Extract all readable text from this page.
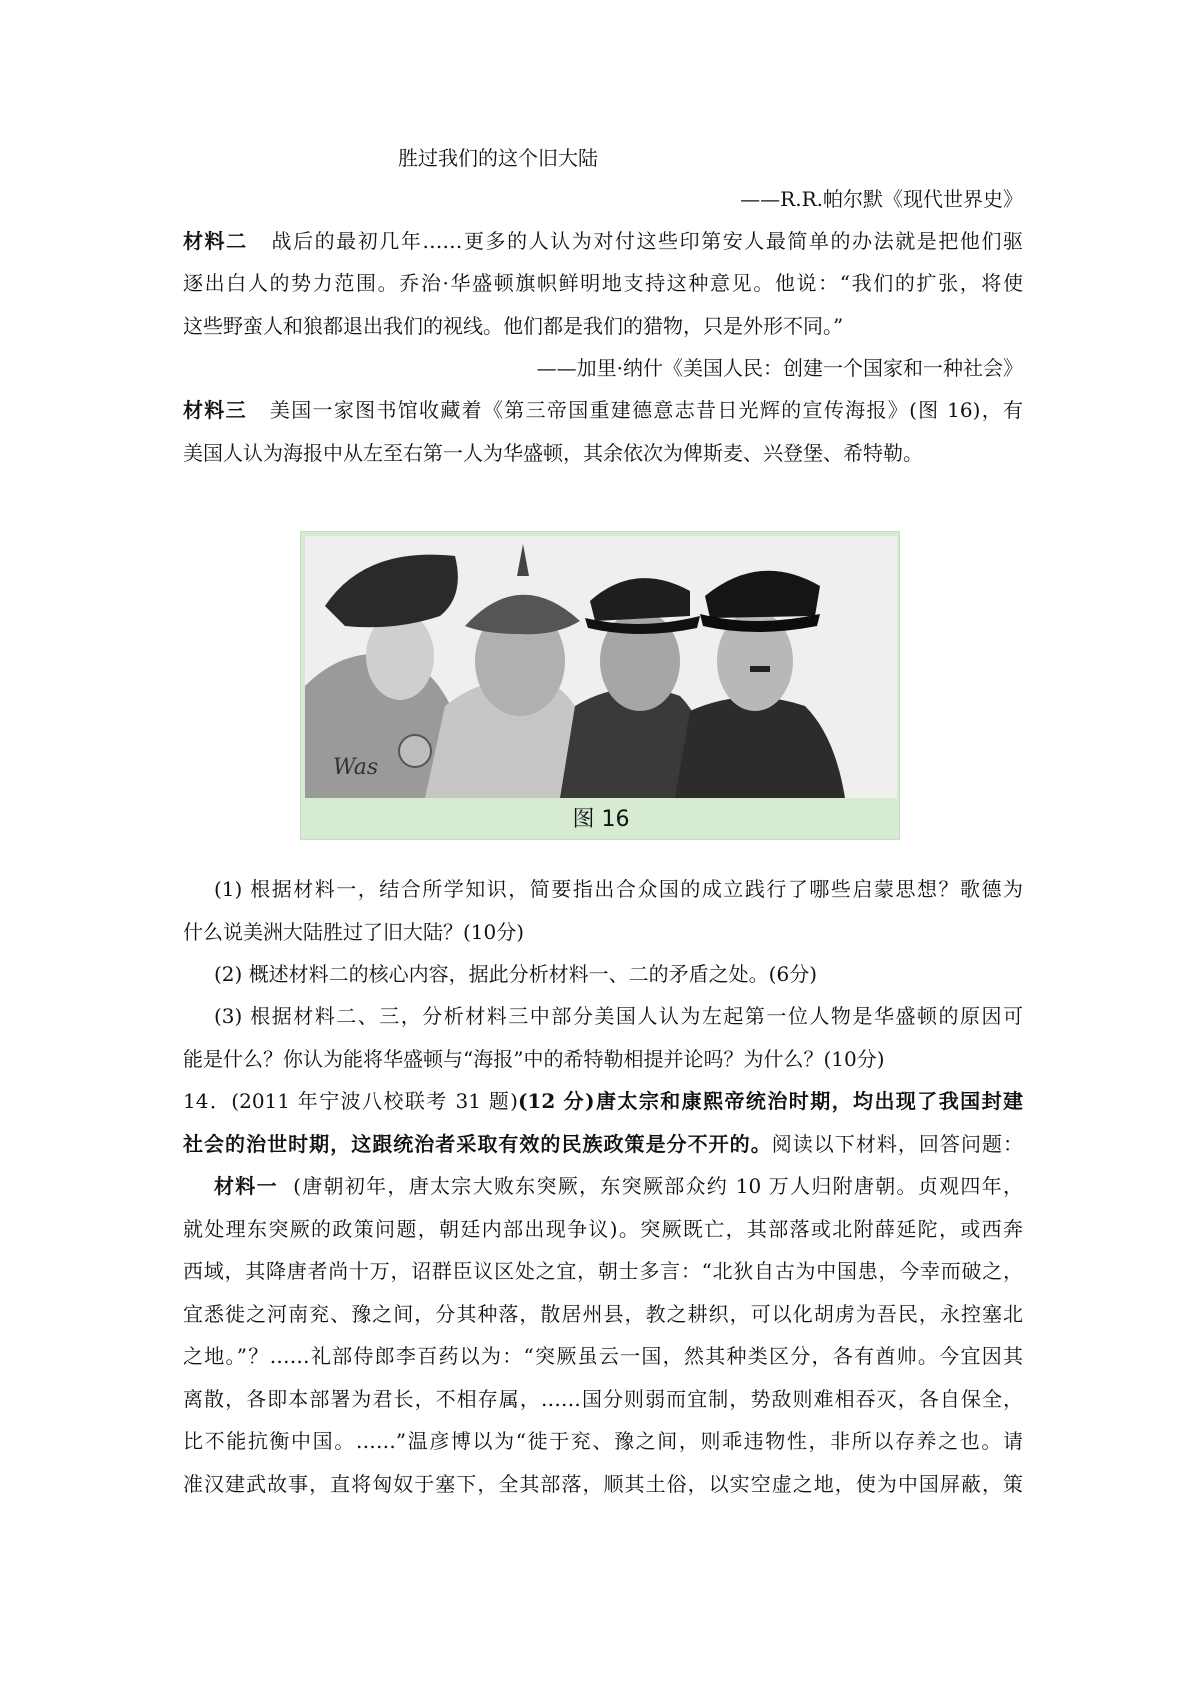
胜过我们的这个旧大陆
——R.R.帕尔默《现代世界史》
材料二 战后的最初几年……更多的人认为对付这些印第安人最简单的办法就是把他们驱
逐出白人的势力范围。乔治·华盛顿旗帜鲜明地支持这种意见。他说：“我们的扩张，将使
这些野蛮人和狼都退出我们的视线。他们都是我们的猎物，只是外形不同。”
——加里·纳什《美国人民：创建一个国家和一种社会》
材料三 美国一家图书馆收藏着《第三帝国重建德意志昔日光辉的宣传海报》(图 16)，有
美国人认为海报中从左至右第一人为华盛顿，其余依次为俾斯麦、兴登堡、希特勒。
Was
图 16
(1) 根据材料一，结合所学知识，简要指出合众国的成立践行了哪些启蒙思想？歌德为
什么说美洲大陆胜过了旧大陆？(10分)
(2) 概述材料二的核心内容，据此分析材料一、二的矛盾之处。(6分)
(3) 根据材料二、三，分析材料三中部分美国人认为左起第一位人物是华盛顿的原因可
能是什么？你认为能将华盛顿与“海报”中的希特勒相提并论吗？为什么？(10分)
14．(2011 年宁波八校联考 31 题)(12 分)唐太宗和康熙帝统治时期，均出现了我国封建
社会的治世时期，这跟统治者采取有效的民族政策是分不开的。阅读以下材料，回答问题：
材料一 (唐朝初年，唐太宗大败东突厥，东突厥部众约 10 万人归附唐朝。贞观四年，
就处理东突厥的政策问题，朝廷内部出现争议)。突厥既亡，其部落或北附薛延陀，或西奔
西域，其降唐者尚十万，诏群臣议区处之宜，朝士多言：“北狄自古为中国患，今幸而破之，
宜悉徙之河南兖、豫之间，分其种落，散居州县，教之耕织，可以化胡虏为吾民，永控塞北
之地。”？……礼部侍郎李百药以为：“突厥虽云一国，然其种类区分，各有酋帅。今宜因其
离散，各即本部署为君长，不相存属，……国分则弱而宜制，势敌则难相吞灭，各自保全，
比不能抗衡中国。……”温彦博以为“徙于兖、豫之间，则乖违物性，非所以存养之也。请
准汉建武故事，直将匈奴于塞下，全其部落，顺其土俗，以实空虚之地，使为中国屏蔽，策
